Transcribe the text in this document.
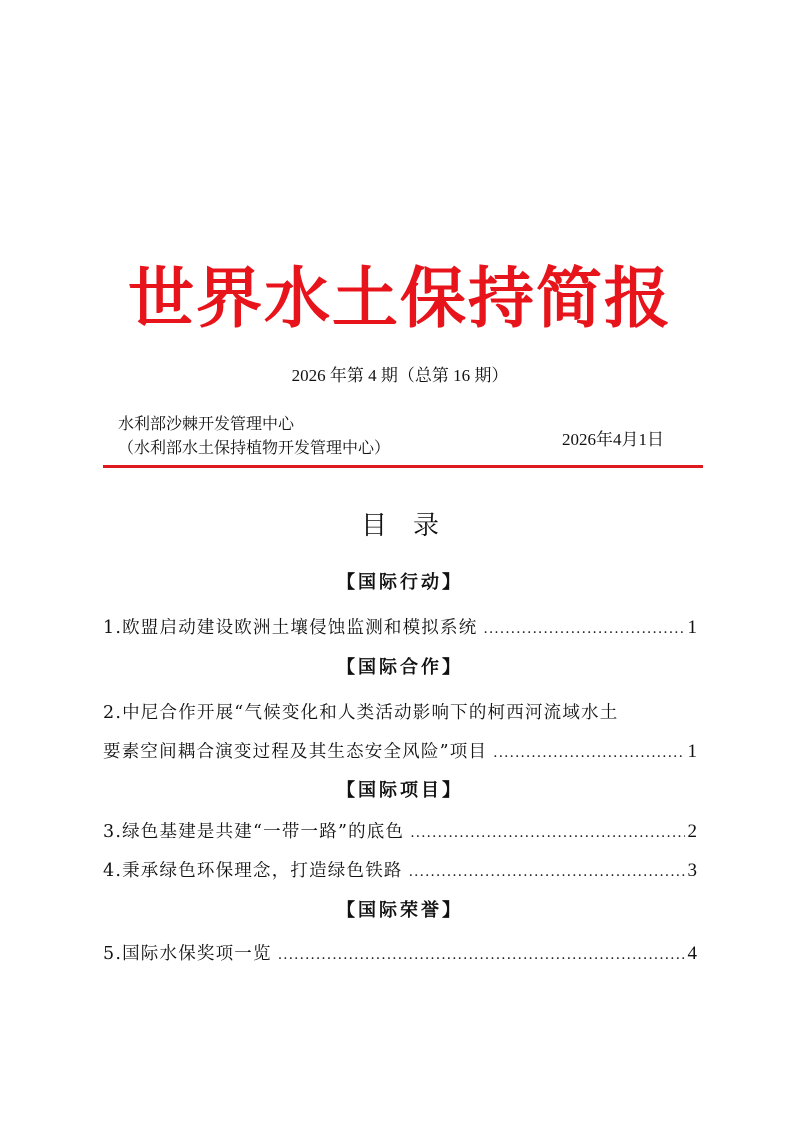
世界水土保持简报
2026 年第 4 期（总第 16 期）
水利部沙棘开发管理中心
（水利部水土保持植物开发管理中心）	2026年4月1日
目录
【国际行动】
1.欧盟启动建设欧洲土壤侵蚀监测和模拟系统 .....	1
【国际合作】
2.中尼合作开展“气候变化和人类活动影响下的柯西河流域水土
要素空间耦合演变过程及其生态安全风险”项目 .....	1
【国际项目】
3.绿色基建是共建“一带一路”的底色 .....	2
4.秉承绿色环保理念，打造绿色铁路 .....	3
【国际荣誉】
5.国际水保奖项一览 .....	4
